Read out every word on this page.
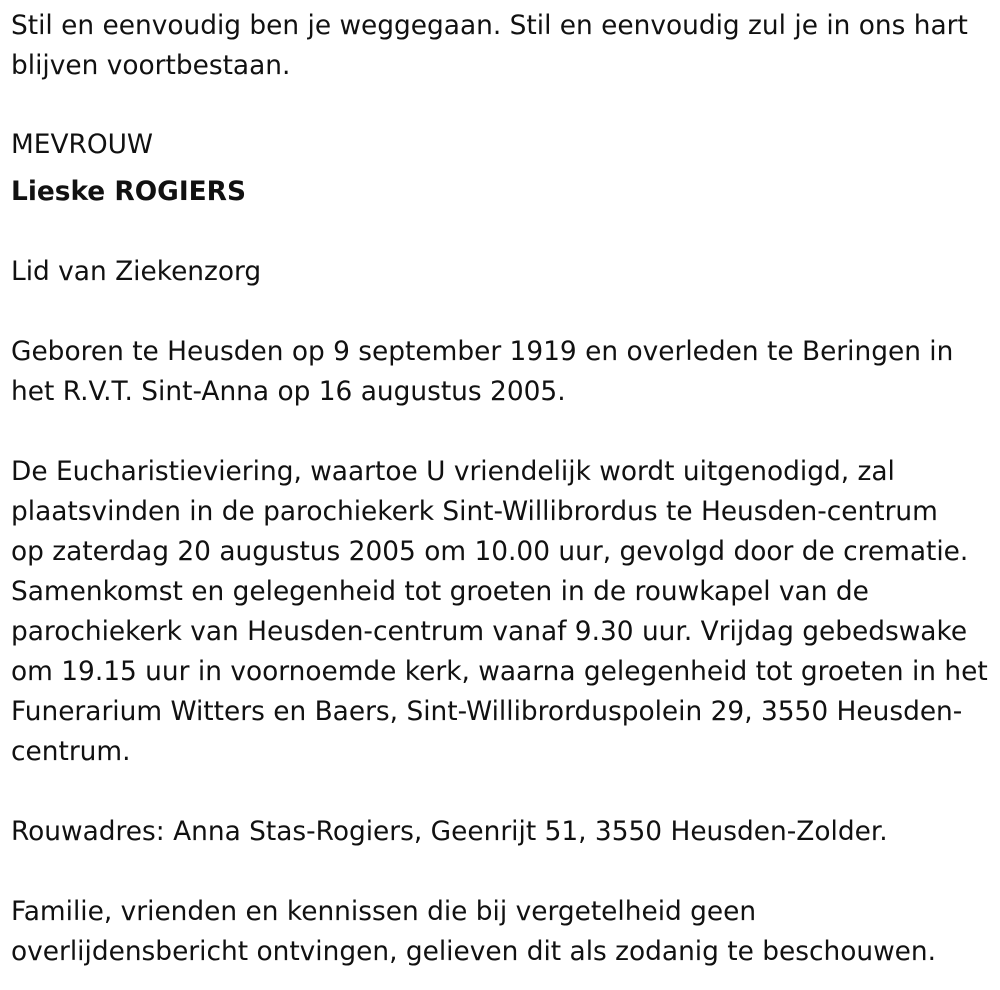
Stil en eenvoudig ben je weggegaan. Stil en eenvoudig zul je in ons hart

blijven voortbestaan.

MEVROUW
Lieske ROGIERS

Lid van Ziekenzorg

Geboren te Heusden op 9 september 1919 en overleden te Beringen in

het R.V.T. Sint-Anna op 16 augustus 2005.

De Eucharistieviering, waartoe U vriendelijk wordt uitgenodigd, zal

plaatsvinden in de parochiekerk Sint-Willibrordus te Heusden-centrum

op zaterdag 20 augustus 2005 om 10.00 uur, gevolgd door de crematie.

Samenkomst en gelegenheid tot groeten in de rouwkapel van de

parochiekerk van Heusden-centrum vanaf 9.30 uur. Vrijdag gebedswake

om 19.15 uur in voornoemde kerk, waarna gelegenheid tot groeten in het

Funerarium Witters en Baers, Sint-Willibrorduspolein 29, 3550 Heusden-

centrum.

Rouwadres: Anna Stas-Rogiers, Geenrijt 51, 3550 Heusden-Zolder.

Familie, vrienden en kennissen die bij vergetelheid geen

overlijdensbericht ontvingen, gelieven dit als zodanig te beschouwen.
